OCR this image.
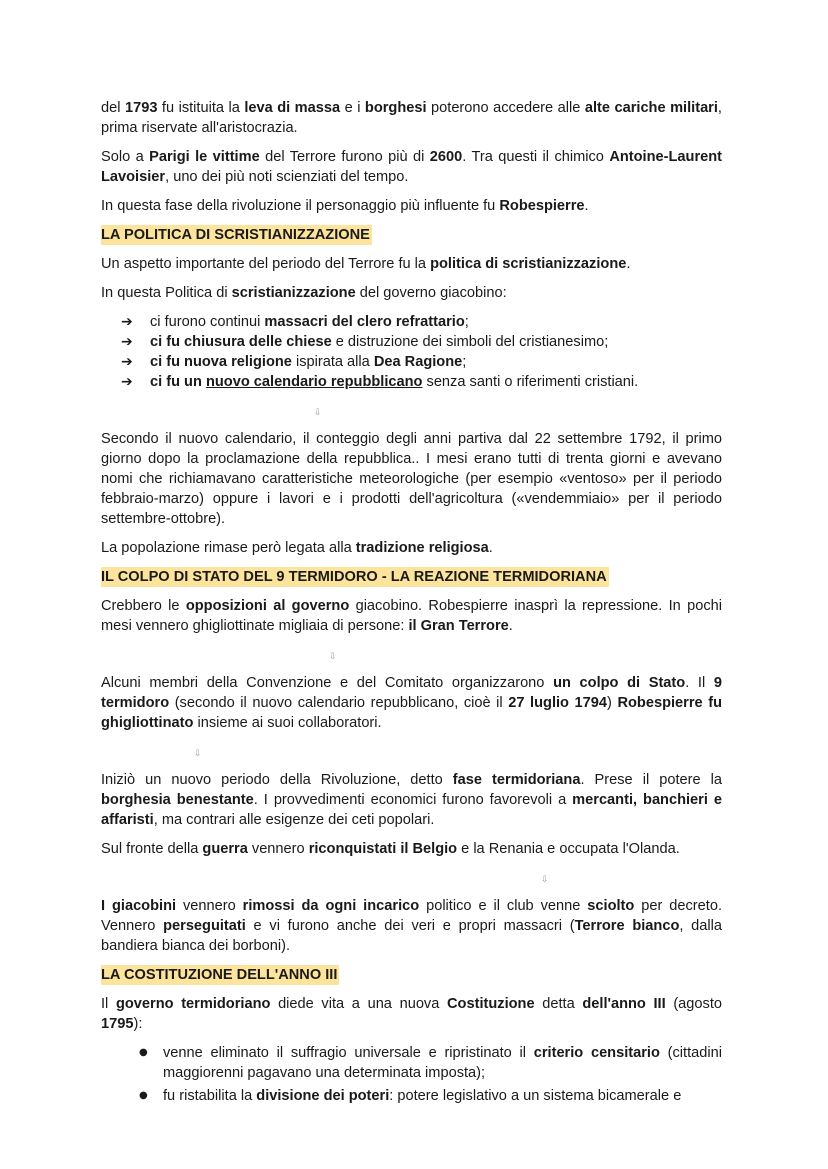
del 1793 fu istituita la leva di massa e i borghesi poterono accedere alle alte cariche militari, prima riservate all'aristocrazia.

Solo a Parigi le vittime del Terrore furono più di 2600. Tra questi il chimico Antoine-Laurent Lavoisier, uno dei più noti scienziati del tempo.

In questa fase della rivoluzione il personaggio più influente fu Robespierre.

LA POLITICA DI SCRISTIANIZZAZIONE

Un aspetto importante del periodo del Terrore fu la politica di scristianizzazione.

In questa Politica di scristianizzazione del governo giacobino:

➔ ci furono continui massacri del clero refrattario;
➔ ci fu chiusura delle chiese e distruzione dei simboli del cristianesimo;
➔ ci fu nuova religione ispirata alla Dea Ragione;
➔ ci fu un nuovo calendario repubblicano senza santi o riferimenti cristiani.
⇩

Secondo il nuovo calendario, il conteggio degli anni partiva dal 22 settembre 1792, il primo giorno dopo la proclamazione della repubblica.. I mesi erano tutti di trenta giorni e avevano nomi che richiamavano caratteristiche meteorologiche (per esempio «ventoso» per il periodo febbraio-marzo) oppure i lavori e i prodotti dell'agricoltura («vendemmiaio» per il periodo settembre-ottobre).

La popolazione rimase però legata alla tradizione religiosa.

IL COLPO DI STATO DEL 9 TERMIDORO - LA REAZIONE TERMIDORIANA

Crebbero le opposizioni al governo giacobino. Robespierre inasprì la repressione. In pochi mesi vennero ghigliottinate migliaia di persone: il Gran Terrore.

⇩

Alcuni membri della Convenzione e del Comitato organizzarono un colpo di Stato. Il 9 termidoro (secondo il nuovo calendario repubblicano, cioè il 27 luglio 1794) Robespierre fu ghigliottinato insieme ai suoi collaboratori.

⇩

Iniziò un nuovo periodo della Rivoluzione, detto fase termidoriana. Prese il potere la borghesia benestante. I provvedimenti economici furono favorevoli a mercanti, banchieri e affaristi, ma contrari alle esigenze dei ceti popolari.

Sul fronte della guerra vennero riconquistati il Belgio e la Renania e occupata l'Olanda.

⇩

I giacobini vennero rimossi da ogni incarico politico e il club venne sciolto per decreto. Vennero perseguitati e vi furono anche dei veri e propri massacri (Terrore bianco, dalla bandiera bianca dei borboni).

LA COSTITUZIONE DELL'ANNO III

Il governo termidoriano diede vita a una nuova Costituzione detta dell'anno III (agosto 1795):

● venne eliminato il suffragio universale e ripristinato il criterio censitario (cittadini maggiorenni pagavano una determinata imposta);
● fu ristabilita la divisione dei poteri: potere legislativo a un sistema bicamerale e
